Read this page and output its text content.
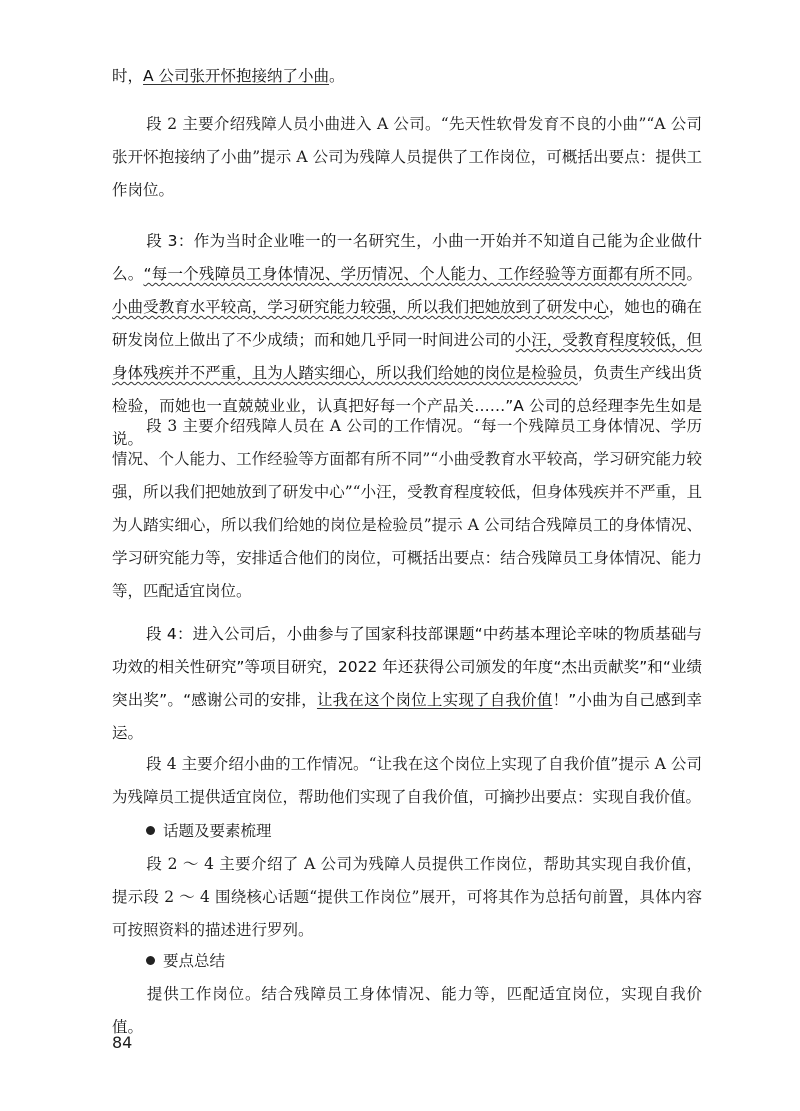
时，A 公司张开怀抱接纳了小曲。

段 2 主要介绍残障人员小曲进入 A 公司。“先天性软骨发育不良的小曲”“A 公司张开怀抱接纳了小曲”提示 A 公司为残障人员提供了工作岗位，可概括出要点：提供工作岗位。

段 3：作为当时企业唯一的一名研究生，小曲一开始并不知道自己能为企业做什么。“每一个残障员工身体情况、学历情况、个人能力、工作经验等方面都有所不同。小曲受教育水平较高，学习研究能力较强，所以我们把她放到了研发中心，她也的确在研发岗位上做出了不少成绩；而和她几乎同一时间进公司的小汪，受教育程度较低，但身体残疾并不严重，且为人踏实细心，所以我们给她的岗位是检验员，负责生产线出货检验，而她也一直兢兢业业，认真把好每一个产品关……”A 公司的总经理李先生如是说。

段 3 主要介绍残障人员在 A 公司的工作情况。“每一个残障员工身体情况、学历情况、个人能力、工作经验等方面都有所不同”“小曲受教育水平较高，学习研究能力较强，所以我们把她放到了研发中心”“小汪，受教育程度较低，但身体残疾并不严重，且为人踏实细心，所以我们给她的岗位是检验员”提示 A 公司结合残障员工的身体情况、学习研究能力等，安排适合他们的岗位，可概括出要点：结合残障员工身体情况、能力等，匹配适宜岗位。

段 4：进入公司后，小曲参与了国家科技部课题“中药基本理论辛味的物质基础与功效的相关性研究”等项目研究，2022 年还获得公司颁发的年度“杰出贡献奖”和“业绩突出奖”。“感谢公司的安排，让我在这个岗位上实现了自我价值！”小曲为自己感到幸运。

段 4 主要介绍小曲的工作情况。“让我在这个岗位上实现了自我价值”提示 A 公司为残障员工提供适宜岗位，帮助他们实现了自我价值，可摘抄出要点：实现自我价值。

话题及要素梳理

段 2 ～ 4 主要介绍了 A 公司为残障人员提供工作岗位，帮助其实现自我价值，提示段 2 ～ 4 围绕核心话题“提供工作岗位”展开，可将其作为总括句前置，具体内容可按照资料的描述进行罗列。

要点总结

提供工作岗位。结合残障员工身体情况、能力等，匹配适宜岗位，实现自我价值。

84
